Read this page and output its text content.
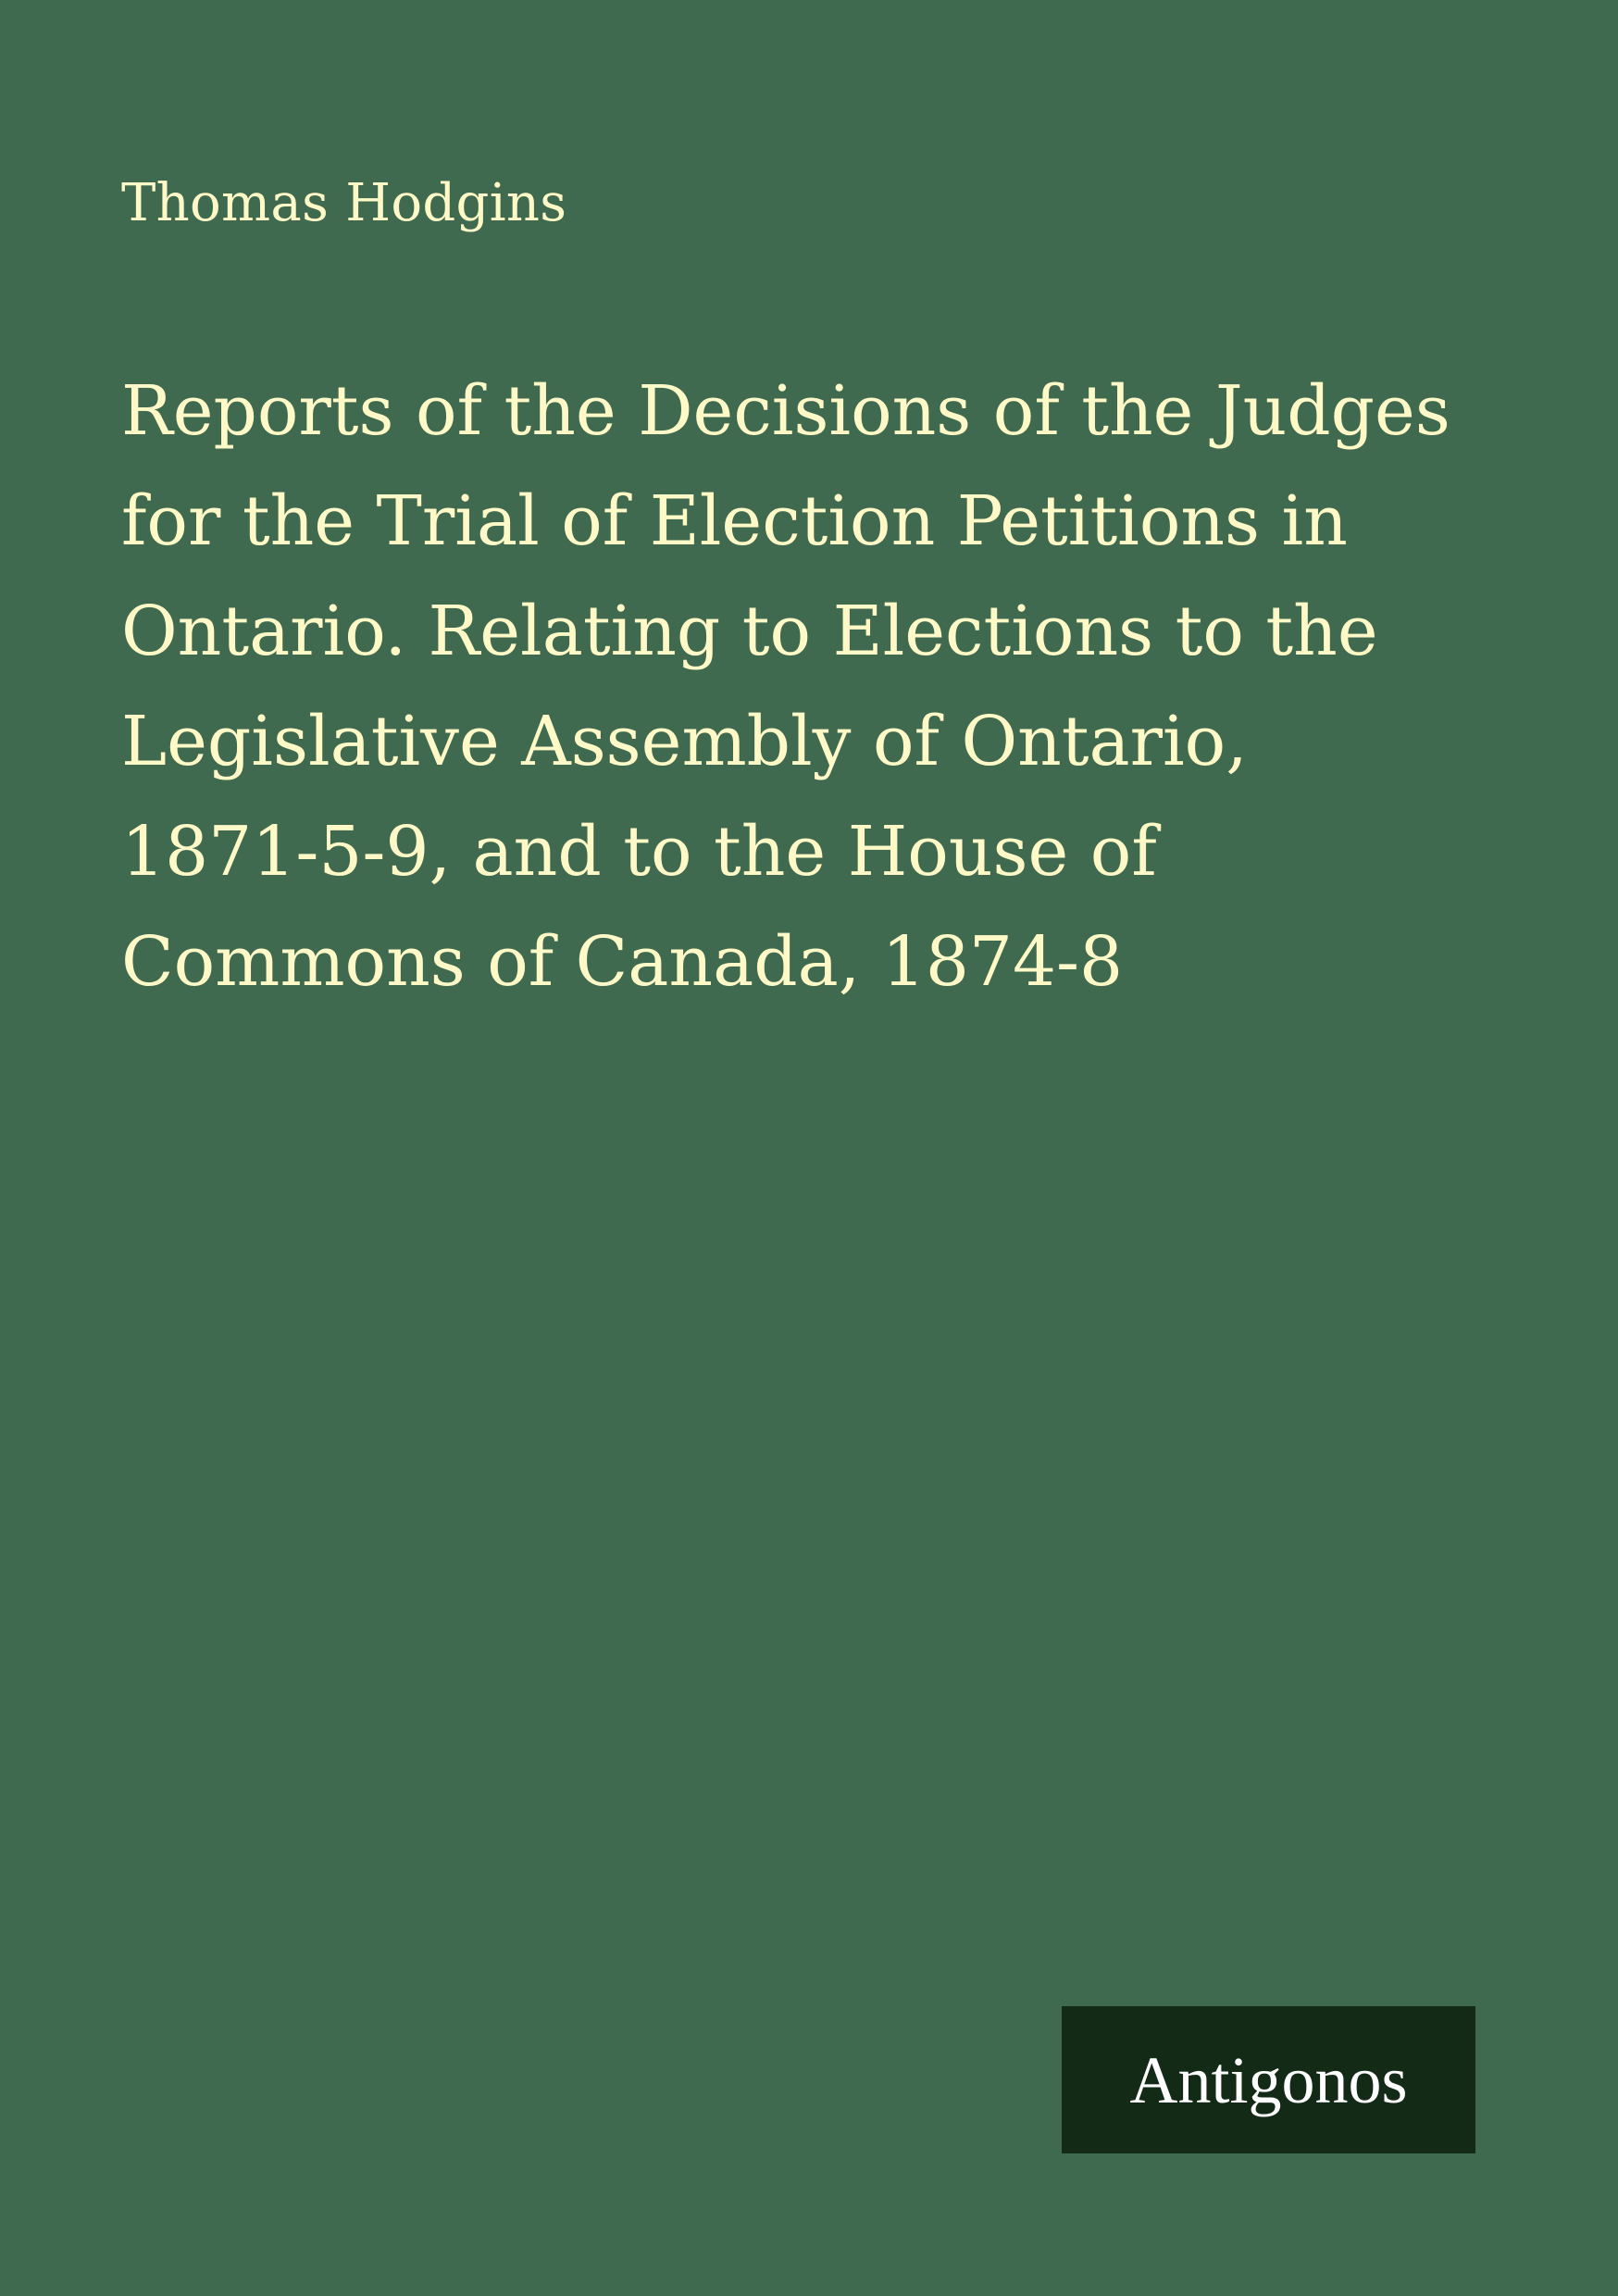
Thomas Hodgins
Reports of the Decisions of the Judges
for the Trial of Election Petitions in
Ontario. Relating to Elections to the
Legislative Assembly of Ontario,
1871-5-9, and to the House of
Commons of Canada, 1874-8
Antigonos
